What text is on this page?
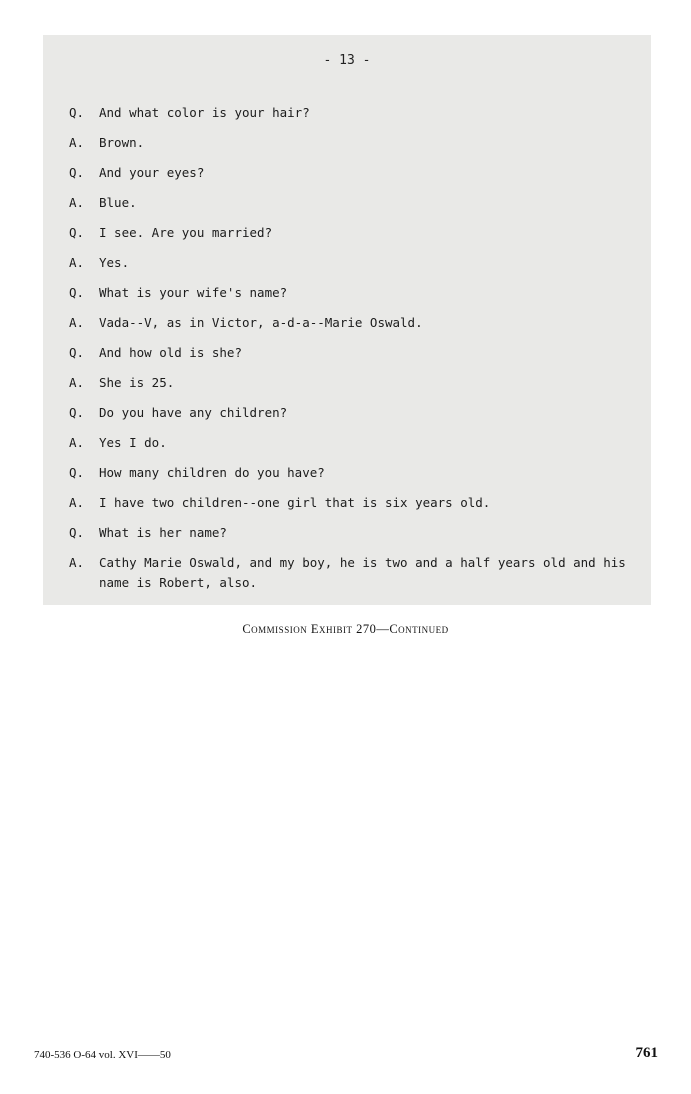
- 13 -
Q.	And what color is your hair?
A.	Brown.
Q.	And your eyes?
A.	Blue.
Q.	I see. Are you married?
A.	Yes.
Q.	What is your wife's name?
A.	Vada--V, as in Victor, a-d-a--Marie Oswald.
Q.	And how old is she?
A.	She is 25.
Q.	Do you have any children?
A.	Yes I do.
Q.	How many children do you have?
A.	I have two children--one girl that is six years old.
Q.	What is her name?
A.	Cathy Marie Oswald, and my boy, he is two and a half years old and his name is Robert, also.
Commission Exhibit 270—Continued
740-536 O-64 vol. XVI——50	761
